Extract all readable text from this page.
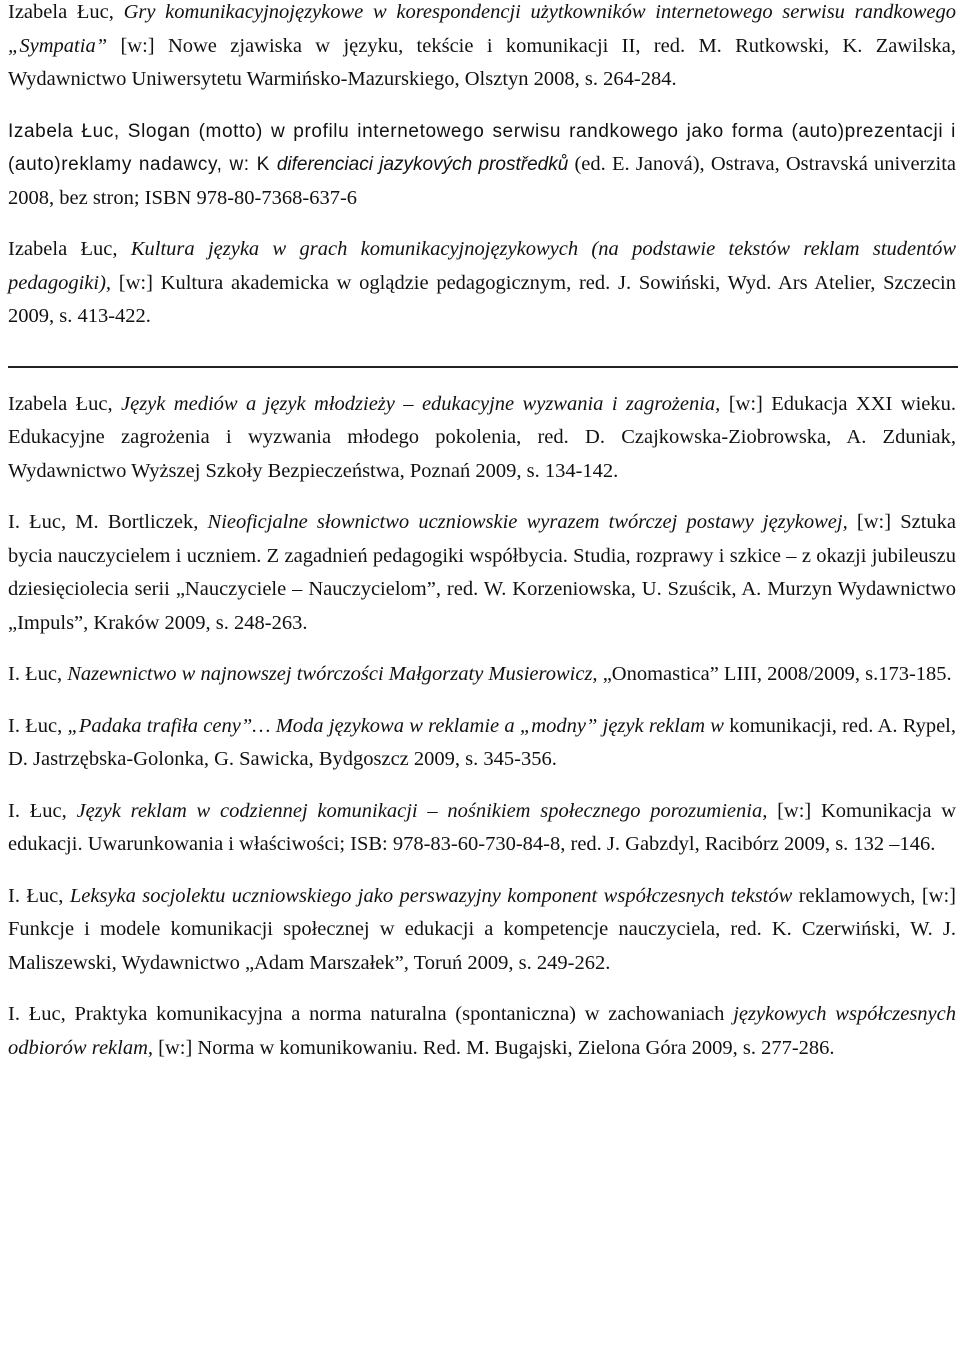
Izabela Łuc, Gry komunikacyjnojęzykowe w korespondencji użytkowników internetowego serwisu randkowego „Sympatia” [w:] Nowe zjawiska w języku, tekście i komunikacji II, red. M. Rutkowski, K. Zawilska, Wydawnictwo Uniwersytetu Warmińsko-Mazurskiego, Olsztyn 2008, s. 264-284.

Izabela Łuc, Slogan (motto) w profilu internetowego serwisu randkowego jako forma (auto)prezentacji i (auto)reklamy nadawcy, w: K diferenciaci jazykových prostředků (ed. E. Janová), Ostrava, Ostravská univerzita 2008, bez stron; ISBN 978-80-7368-637-6

Izabela Łuc, Kultura języka w grach komunikacyjnojęzykowych (na podstawie tekstów reklam studentów pedagogiki), [w:] Kultura akademicka w oglądzie pedagogicznym, red. J. Sowiński, Wyd. Ars Atelier, Szczecin 2009, s. 413-422.

Izabela Łuc, Język mediów a język młodzieży – edukacyjne wyzwania i zagrożenia, [w:] Edukacja XXI wieku. Edukacyjne zagrożenia i wyzwania młodego pokolenia, red. D. Czajkowska-Ziobrowska, A. Zduniak, Wydawnictwo Wyższej Szkoły Bezpieczeństwa, Poznań 2009, s. 134-142.

I. Łuc, M. Bortliczek, Nieoficjalne słownictwo uczniowskie wyrazem twórczej postawy językowej, [w:] Sztuka bycia nauczycielem i uczniem. Z zagadnień pedagogiki współbycia. Studia, rozprawy i szkice – z okazji jubileuszu dziesięciolecia serii „Nauczyciele – Nauczycielom”, red. W. Korzeniowska, U. Szuścik, A. Murzyn Wydawnictwo „Impuls”, Kraków 2009, s. 248-263.

I. Łuc, Nazewnictwo w najnowszej twórczości Małgorzaty Musierowicz, „Onomastica” LIII, 2008/2009, s.173-185.

I. Łuc, „Padaka trafiła ceny”… Moda językowa w reklamie a „modny” język reklam w komunikacji, red. A. Rypel, D. Jastrzębska-Golonka, G. Sawicka, Bydgoszcz 2009, s. 345-356.

I. Łuc, Język reklam w codziennej komunikacji – nośnikiem społecznego porozumienia, [w:] Komunikacja w edukacji. Uwarunkowania i właściwości; ISB: 978-83-60-730-84-8, red. J. Gabzdyl, Racibórz 2009, s. 132 –146.

I. Łuc, Leksyka socjolektu uczniowskiego jako perswazyjny komponent współczesnych tekstów reklamowych, [w:] Funkcje i modele komunikacji społecznej w edukacji a kompetencje nauczyciela, red. K. Czerwiński, W. J. Maliszewski, Wydawnictwo „Adam Marszałek”, Toruń 2009, s. 249-262.

I. Łuc, Praktyka komunikacyjna a norma naturalna (spontaniczna) w zachowaniach językowych współczesnych odbiorów reklam, [w:] Norma w komunikowaniu. Red. M. Bugajski, Zielona Góra 2009, s. 277-286.
